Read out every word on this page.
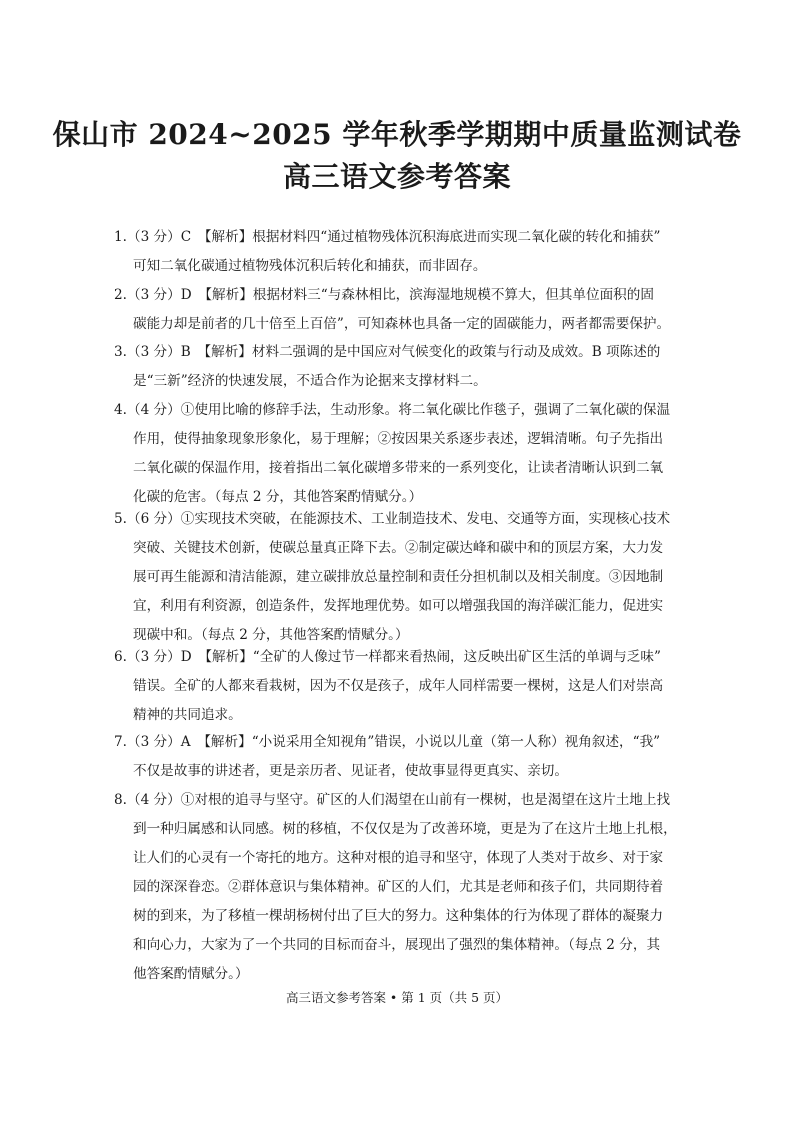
保山市 2024~2025 学年秋季学期期中质量监测试卷
高三语文参考答案
1.（3 分）C　【解析】根据材料四“通过植物残体沉积海底进而实现二氧化碳的转化和捕获”
可知二氧化碳通过植物残体沉积后转化和捕获，而非固存。
2.（3 分）D　【解析】根据材料三“与森林相比，滨海湿地规模不算大，但其单位面积的固
碳能力却是前者的几十倍至上百倍”，可知森林也具备一定的固碳能力，两者都需要保护。
3.（3 分）B　【解析】材料二强调的是中国应对气候变化的政策与行动及成效。B 项陈述的
是“三新”经济的快速发展，不适合作为论据来支撑材料二。
4.（4 分）①使用比喻的修辞手法，生动形象。将二氧化碳比作毯子，强调了二氧化碳的保温
作用，使得抽象现象形象化，易于理解；②按因果关系逐步表述，逻辑清晰。句子先指出
二氧化碳的保温作用，接着指出二氧化碳增多带来的一系列变化，让读者清晰认识到二氧
化碳的危害。（每点 2 分，其他答案酌情赋分。）
5.（6 分）①实现技术突破，在能源技术、工业制造技术、发电、交通等方面，实现核心技术
突破、关键技术创新，使碳总量真正降下去。②制定碳达峰和碳中和的顶层方案，大力发
展可再生能源和清洁能源，建立碳排放总量控制和责任分担机制以及相关制度。③因地制
宜，利用有利资源，创造条件，发挥地理优势。如可以增强我国的海洋碳汇能力，促进实
现碳中和。（每点 2 分，其他答案酌情赋分。）
6.（3 分）D　【解析】“全矿的人像过节一样都来看热闹，这反映出矿区生活的单调与乏味”
错误。全矿的人都来看栽树，因为不仅是孩子，成年人同样需要一棵树，这是人们对崇高
精神的共同追求。
7.（3 分）A　【解析】“小说采用全知视角”错误，小说以儿童（第一人称）视角叙述，“我”
不仅是故事的讲述者，更是亲历者、见证者，使故事显得更真实、亲切。
8.（4 分）①对根的追寻与坚守。矿区的人们渴望在山前有一棵树，也是渴望在这片土地上找
到一种归属感和认同感。树的移植，不仅仅是为了改善环境，更是为了在这片土地上扎根，
让人们的心灵有一个寄托的地方。这种对根的追寻和坚守，体现了人类对于故乡、对于家
园的深深眷恋。②群体意识与集体精神。矿区的人们，尤其是老师和孩子们，共同期待着
树的到来，为了移植一棵胡杨树付出了巨大的努力。这种集体的行为体现了群体的凝聚力
和向心力，大家为了一个共同的目标而奋斗，展现出了强烈的集体精神。（每点 2 分，其
他答案酌情赋分。）
高三语文参考答案 • 第 1 页（共 5 页）
